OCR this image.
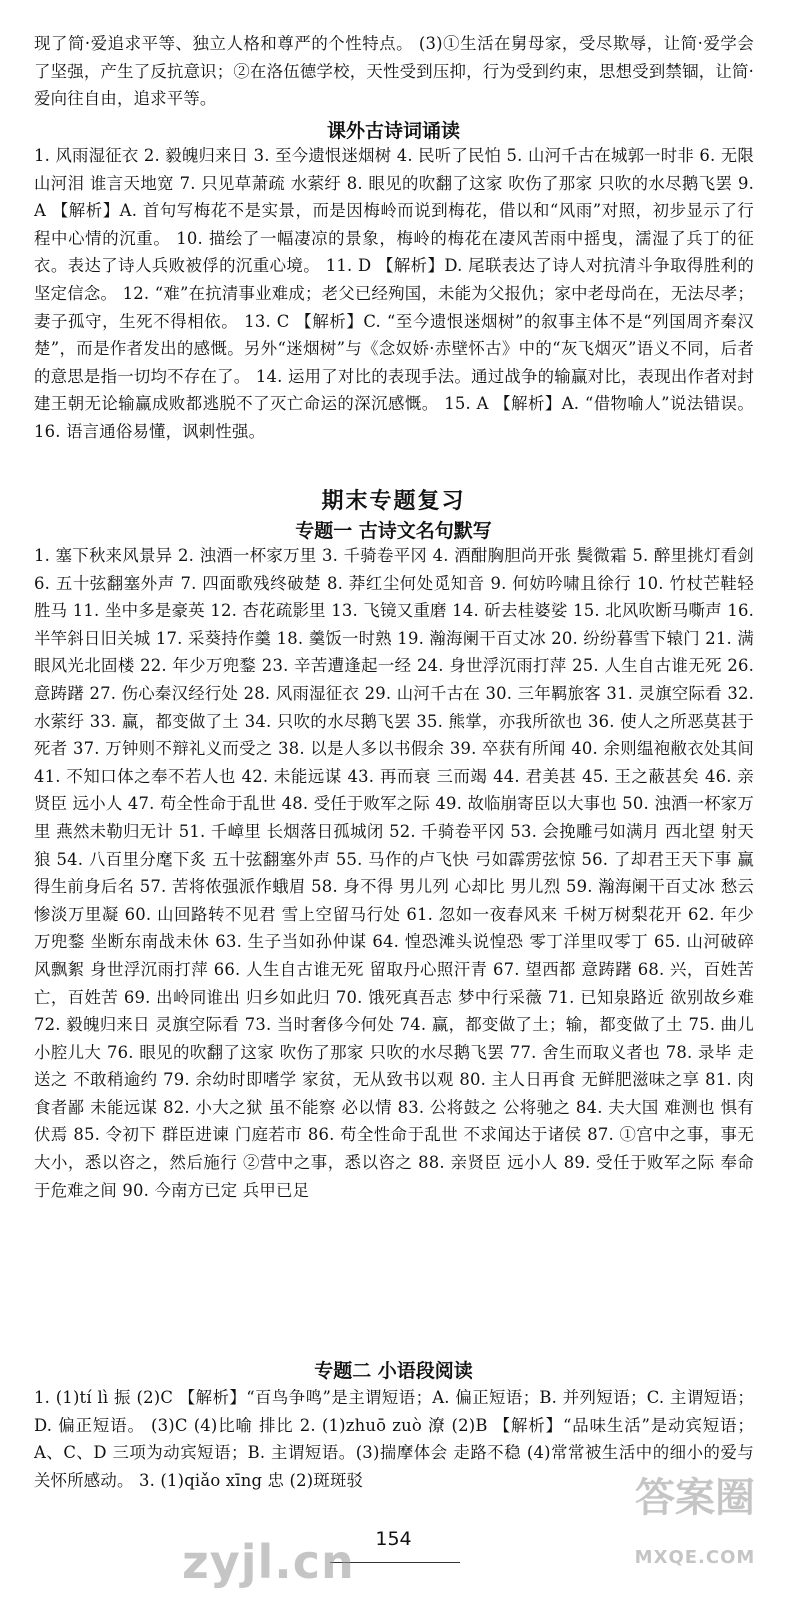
现了简·爱追求平等、独立人格和尊严的个性特点。 (3)①生活在舅母家，受尽欺辱，让简·爱学会了坚强，产生了反抗意识；②在洛伍德学校，天性受到压抑，行为受到约束，思想受到禁锢，让简·爱向往自由，追求平等。
课外古诗词诵读
1. 风雨湿征衣 2. 毅魄归来日 3. 至今遗恨迷烟树 4. 民听了民怕 5. 山河千古在城郭一时非 6. 无限山河泪 谁言天地宽 7. 只见草萧疏 水萦纡 8. 眼见的吹翻了这家 吹伤了那家 只吹的水尽鹅飞罢 9. A 【解析】A. 首句写梅花不是实景，而是因梅岭而说到梅花，借以和“风雨”对照，初步显示了行程中心情的沉重。 10. 描绘了一幅凄凉的景象，梅岭的梅花在凄风苦雨中摇曳，濡湿了兵丁的征衣。表达了诗人兵败被俘的沉重心境。 11. D 【解析】D. 尾联表达了诗人对抗清斗争取得胜利的坚定信念。 12. “难”在抗清事业难成；老父已经殉国，未能为父报仇；家中老母尚在，无法尽孝；妻子孤守，生死不得相依。 13. C 【解析】C. “至今遗恨迷烟树”的叙事主体不是“列国周齐秦汉楚”，而是作者发出的感慨。另外“迷烟树”与《念奴娇·赤壁怀古》中的“灰飞烟灭”语义不同，后者的意思是指一切均不存在了。 14. 运用了对比的表现手法。通过战争的输赢对比，表现出作者对封建王朝无论输赢成败都逃脱不了灭亡命运的深沉感慨。 15. A 【解析】A. “借物喻人”说法错误。 16. 语言通俗易懂，讽刺性强。
期末专题复习
专题一 古诗文名句默写
1. 塞下秋来风景异 2. 浊酒一杯家万里 3. 千骑卷平冈 4. 酒酣胸胆尚开张 鬓微霜 5. 醉里挑灯看剑 6. 五十弦翻塞外声 7. 四面歌残终破楚 8. 莽红尘何处觅知音 9. 何妨吟啸且徐行 10. 竹杖芒鞋轻胜马 11. 坐中多是豪英 12. 杏花疏影里 13. 飞镜又重磨 14. 斫去桂婆娑 15. 北风吹断马嘶声 16. 半竿斜日旧关城 17. 采葵持作羹 18. 羹饭一时熟 19. 瀚海阑干百丈冰 20. 纷纷暮雪下辕门 21. 满眼风光北固楼 22. 年少万兜鍪 23. 辛苦遭逢起一经 24. 身世浮沉雨打萍 25. 人生自古谁无死 26. 意踌躇 27. 伤心秦汉经行处 28. 风雨湿征衣 29. 山河千古在 30. 三年羁旅客 31. 灵旗空际看 32. 水萦纡 33. 赢，都变做了土 34. 只吹的水尽鹅飞罢 35. 熊掌，亦我所欲也 36. 使人之所恶莫甚于死者 37. 万钟则不辩礼义而受之 38. 以是人多以书假余 39. 卒获有所闻 40. 余则缊袍敝衣处其间 41. 不知口体之奉不若人也 42. 未能远谋 43. 再而衰 三而竭 44. 君美甚 45. 王之蔽甚矣 46. 亲贤臣 远小人 47. 苟全性命于乱世 48. 受任于败军之际 49. 故临崩寄臣以大事也 50. 浊酒一杯家万里 燕然未勒归无计 51. 千嶂里 长烟落日孤城闭 52. 千骑卷平冈 53. 会挽雕弓如满月 西北望 射天狼 54. 八百里分麾下炙 五十弦翻塞外声 55. 马作的卢飞快 弓如霹雳弦惊 56. 了却君王天下事 赢得生前身后名 57. 苦将侬强派作蛾眉 58. 身不得 男儿列 心却比 男儿烈 59. 瀚海阑干百丈冰 愁云惨淡万里凝 60. 山回路转不见君 雪上空留马行处 61. 忽如一夜春风来 千树万树梨花开 62. 年少万兜鍪 坐断东南战未休 63. 生子当如孙仲谋 64. 惶恐滩头说惶恐 零丁洋里叹零丁 65. 山河破碎风飘絮 身世浮沉雨打萍 66. 人生自古谁无死 留取丹心照汗青 67. 望西都 意踌躇 68. 兴，百姓苦 亡，百姓苦 69. 出岭同谁出 归乡如此归 70. 饿死真吾志 梦中行采薇 71. 已知泉路近 欲别故乡难 72. 毅魄归来日 灵旗空际看 73. 当时奢侈今何处 74. 赢，都变做了土；输，都变做了土 75. 曲儿小腔儿大 76. 眼见的吹翻了这家 吹伤了那家 只吹的水尽鹅飞罢 77. 舍生而取义者也 78. 录毕 走送之 不敢稍逾约 79. 余幼时即嗜学 家贫，无从致书以观 80. 主人日再食 无鲜肥滋味之享 81. 肉食者鄙 未能远谋 82. 小大之狱 虽不能察 必以情 83. 公将鼓之 公将驰之 84. 夫大国 难测也 惧有伏焉 85. 令初下 群臣进谏 门庭若市 86. 苟全性命于乱世 不求闻达于诸侯 87. ①宫中之事，事无大小，悉以咨之，然后施行 ②营中之事，悉以咨之 88. 亲贤臣 远小人 89. 受任于败军之际 奉命于危难之间 90. 今南方已定 兵甲已足
专题二 小语段阅读
1. (1)tí lì 振 (2)C 【解析】“百鸟争鸣”是主谓短语；A. 偏正短语；B. 并列短语；C. 主谓短语；D. 偏正短语。 (3)C (4)比喻 排比 2. (1)zhuō zuò 潦 (2)B 【解析】“品味生活”是动宾短语；A、C、D 三项为动宾短语；B. 主谓短语。(3)揣摩体会 走路不稳 (4)常常被生活中的细小的爱与关怀所感动。 3. (1)qiǎo xīng 忠 (2)斑斑驳
154
zyjl.cn
答案圈
MXQE.COM
